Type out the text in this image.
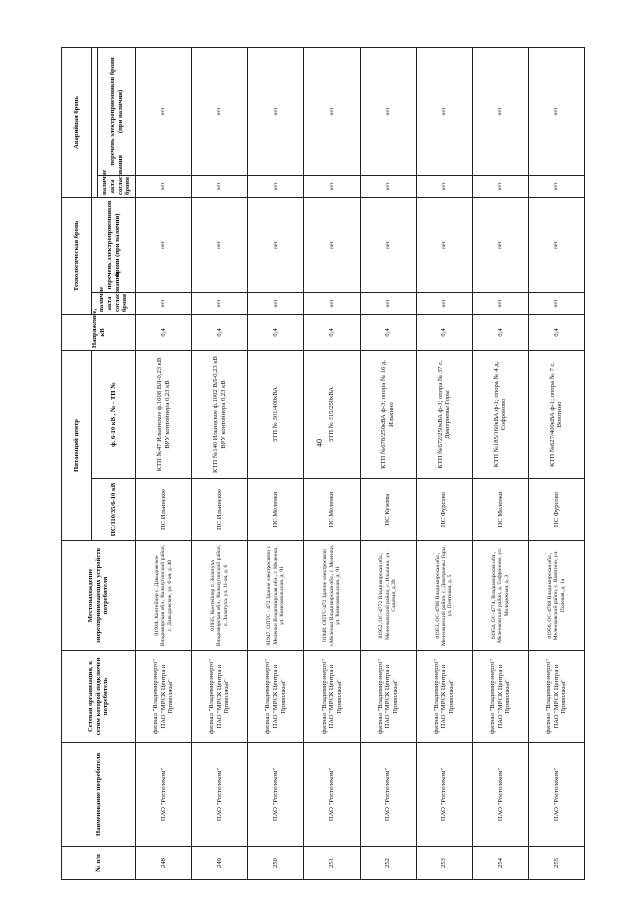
40
№ п/п	Наименование потребителя	Сетевая организация, к сетям которой подключен потребитель	Местонахождение энергопринимающих устройств потребителя	Питающий центр		Напряжение, кВ	Технологическая бронь		Аварийная бронь	
				ПС/110/35/6-10 кВ	ф. 6-10 кВ , № - ТП №		наличие акта согласования брони	перечень электроприемников брони (при наличии)		
									наличие акта согласования брони	перечень электроприемников брони (при наличии)
248	ПАО "Ростелеком"	филиал "Владимирэнерго" ПАО "МРСК Центра и Приволжья"	01934, Контейнер с. Давыдовское Владимирская обл., Кольчугинский район, с. Давыдовское, ул. 6-ая, д. 40	ПС Ильинское	КТП №47 Ильинское ф.1008 ВЛ-0,23 кВ ВРУ контейнера 0,23 кВ	0,4	нет	нет	нет	нет
249	ПАО "Ростелеком"	филиал "Владимирэнерго" ПАО "МРСК Центра и Приволжья"	01935, Контейнер п. Золотуха Владимирская обл., Кольчугинский район, п. Золотуха, ул. 11-ая, д. 6	ПС Ильинское	КТП №140 Ильинское ф.1002 ВЛ-0,23 кВ ВРУ контейнера 0,23 кВ	0,4	нет	нет	нет	нет
250	ПАО "Ростелеком"	филиал "Владимирэнерго" ПАО "МРСК Центра и Приволжья"	01947, ОПТС - 472 Здание электросвязи г. Меленки Владимирская обл., г. Меленки, ул. Комсомольская, д. 91	ПС Меленки	ЗТП № 301/400кВА	0,4	нет	нет	нет	нет
251	ПАО "Ростелеком"	филиал "Владимирэнерго" ПАО "МРСК Центра и Приволжья"	01948, ОПТС-472 Здание электросвязи г.Меленки Владимирская обл., г. Меленки, ул. Комсомольская, д. 91	ПС Меленки	ЗТП № 315/250кВА	0,4	нет	нет	нет	нет
252	ПАО "Ростелеком"	филиал "Владимирэнерго" ПАО "МРСК Центра и Приволжья"	01952, ОС-4772 Владимирская обл., Меленковский район, с. Илькино, ул. Садовая, д.39	ПС Куземы	КТП №678/250кВА ф-3; опора № 16 д. Илькино	0,4	нет	нет	нет	нет
253	ПАО "Ростелеком"	филиал "Владимирэнерго" ПАО "МРСК Центра и Приволжья"	01953, ОС-4766 Владимирская обл., Меленковский район, с. Дмитриевы Горы, ул. Почтовая, д. 5	ПС Фурсово	КТП №672/250кВА ф-3; опора № 37 с. Дмитриевы Горы	0,4	нет	нет	нет	нет
254	ПАО "Ростелеком"	филиал "Владимирэнерго" ПАО "МРСК Центра и Приволжья"	01954, ОС-4774, Владимирская обл., Меленковский район, д. Софроново, ул. Молодежная, д. 3	ПС Меленки	КТП №185/160кВА ф-1; опора № 4 д. Софроново	0,4	нет	нет	нет	нет
255	ПАО "Ростелеком"	филиал "Владимирэнерго" ПАО "МРСК Центра и Приволжья"	01956, ОС-4768 Владимирская обл., Меленковский район, с. Воютино, ул. Полевая, д. 1а	ПС Фурсово	КТП №627/400кВА ф-1; опора № 7 с. Воютино	0,4	нет	нет	нет	нет
